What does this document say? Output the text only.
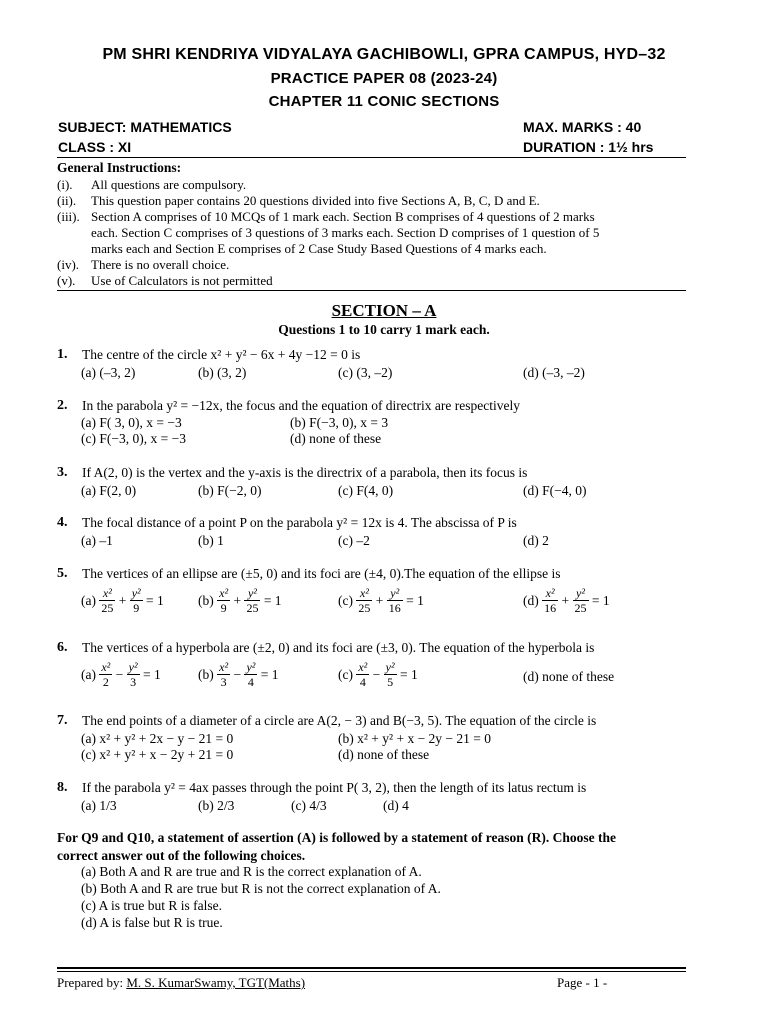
PM SHRI KENDRIYA VIDYALAYA GACHIBOWLI, GPRA CAMPUS, HYD–32
PRACTICE PAPER 08 (2023-24)
CHAPTER 11 CONIC SECTIONS
SUBJECT: MATHEMATICS	MAX. MARKS : 40
CLASS : XI	DURATION : 1½ hrs
General Instructions:
(i). All questions are compulsory.
(ii). This question paper contains 20 questions divided into five Sections A, B, C, D and E.
(iii). Section A comprises of 10 MCQs of 1 mark each. Section B comprises of 4 questions of 2 marks
each. Section C comprises of 3 questions of 3 marks each. Section D comprises of 1 question of 5
marks each and Section E comprises of 2 Case Study Based Questions of 4 marks each.
(iv). There is no overall choice.
(v). Use of Calculators is not permitted
SECTION – A
Questions 1 to 10 carry 1 mark each.
1. The centre of the circle x² + y² − 6x + 4y −12 = 0 is
(a) (–3, 2)	(b) (3, 2)	(c) (3, –2)	(d) (–3, –2)
2. In the parabola y² = −12x, the focus and the equation of directrix are respectively
(a) F( 3, 0), x = −3	(b) F(−3, 0), x = 3
(c) F(−3, 0), x = −3	(d) none of these
3. If A(2, 0) is the vertex and the y-axis is the directrix of a parabola, then its focus is
(a) F(2, 0)	(b) F(−2, 0)	(c) F(4, 0)	(d) F(−4, 0)
4. The focal distance of a point P on the parabola y² = 12x is 4. The abscissa of P is
(a) –1	(b) 1	(c) –2	(d) 2
5. The vertices of an ellipse are (±5, 0) and its foci are (±4, 0).The equation of the ellipse is
$(a) \frac{\text{x²}}{25} + \frac{\text{y²}}{9} = 1$	$(b) \frac{\text{x²}}{9} + \frac{\text{y²}}{25} = 1$	$(c) \frac{\text{x²}}{25} + \frac{\text{y²}}{16} = 1$	$(d) \frac{\text{x²}}{16} + \frac{\text{y²}}{25} = 1$
6. The vertices of a hyperbola are (±2, 0) and its foci are (±3, 0). The equation of the hyperbola is
$(a) \frac{\text{x²}}{2} - \frac{\text{y²}}{3} = 1$	$(b) \frac{\text{x²}}{3} - \frac{\text{y²}}{4} = 1$	$(c) \frac{\text{x²}}{4} - \frac{\text{y²}}{5} = 1$	(d) none of these
7. The end points of a diameter of a circle are A(2, − 3) and B(−3, 5). The equation of the circle is
(a) x² + y² + 2x − y − 21 = 0	(b) x² + y² + x − 2y − 21 = 0
(c) x² + y² + x − 2y + 21 = 0	(d) none of these
8. If the parabola y² = 4ax passes through the point P( 3, 2), then the length of its latus rectum is
(a) 1/3	(b) 2/3	(c) 4/3	(d) 4
For Q9 and Q10, a statement of assertion (A) is followed by a statement of reason (R). Choose the
correct answer out of the following choices.
(a) Both A and R are true and R is the correct explanation of A.
(b) Both A and R are true but R is not the correct explanation of A.
(c) A is true but R is false.
(d) A is false but R is true.
Prepared by: M. S. KumarSwamy, TGT(Maths)	Page - 1 -
